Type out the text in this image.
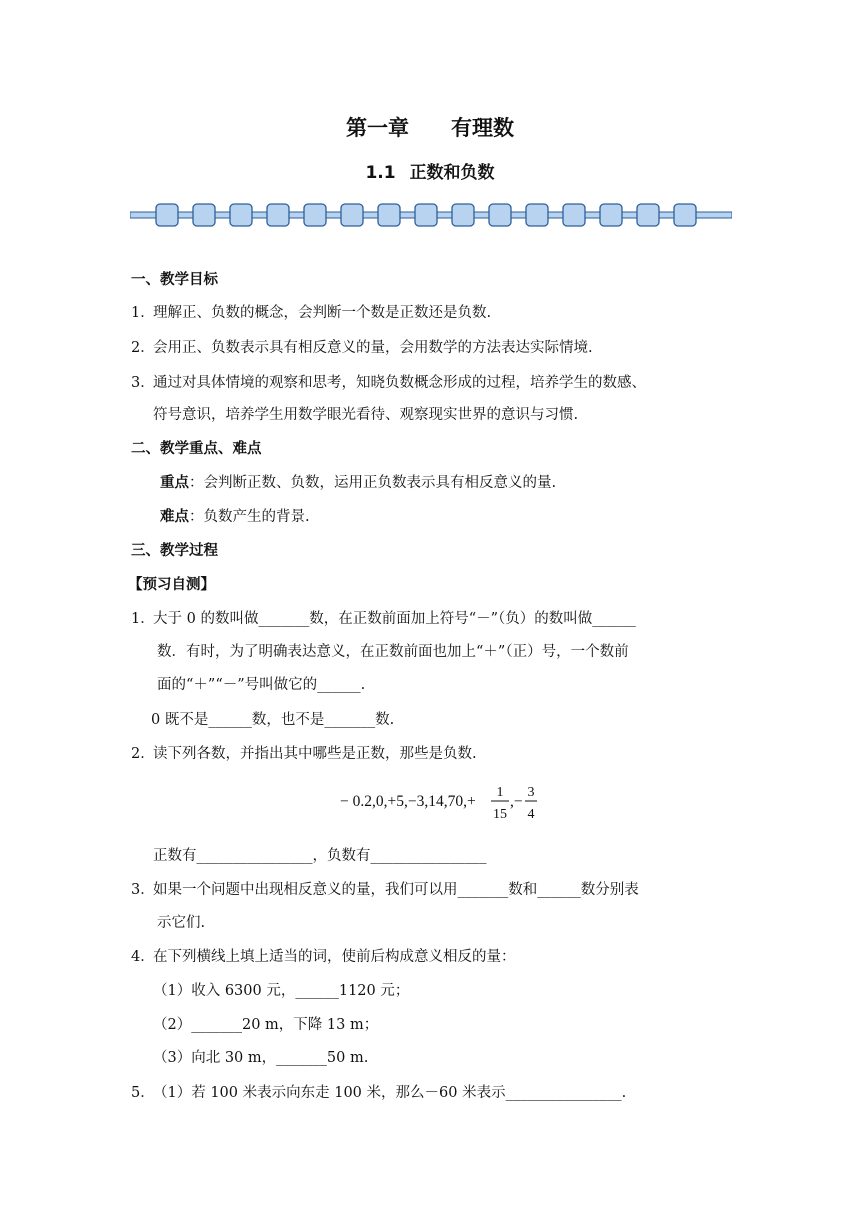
第一章 有理数
1.1 正数和负数
一、教学目标
1．理解正、负数的概念，会判断一个数是正数还是负数.
2．会用正、负数表示具有相反意义的量，会用数学的方法表达实际情境.
3．通过对具体情境的观察和思考，知晓负数概念形成的过程，培养学生的数感、
符号意识，培养学生用数学眼光看待、观察现实世界的意识与习惯.
二、教学重点、难点
重点：会判断正数、负数，运用正负数表示具有相反意义的量.
难点：负数产生的背景.
三、教学过程
【预习自测】
1．大于 0 的数叫做_______数，在正数前面加上符号“－”（负）的数叫做______
数．有时，为了明确表达意义，在正数前面也加上“＋”（正）号，一个数前
面的“＋”“－”号叫做它的______.
0 既不是______数，也不是_______数.
2．读下列各数，并指出其中哪些是正数，那些是负数.
− 0.2,0,+5,−3,14,70,+
1
15
,−
3
4
正数有________________，负数有________________
3．如果一个问题中出现相反意义的量，我们可以用_______数和______数分别表
示它们.
4．在下列横线上填上适当的词，使前后构成意义相反的量：
（1）收入 6300 元，______1120 元；
（2）_______20 m，下降 13 m；
（3）向北 30 m，_______50 m.
5．（1）若 100 米表示向东走 100 米，那么－60 米表示________________.
